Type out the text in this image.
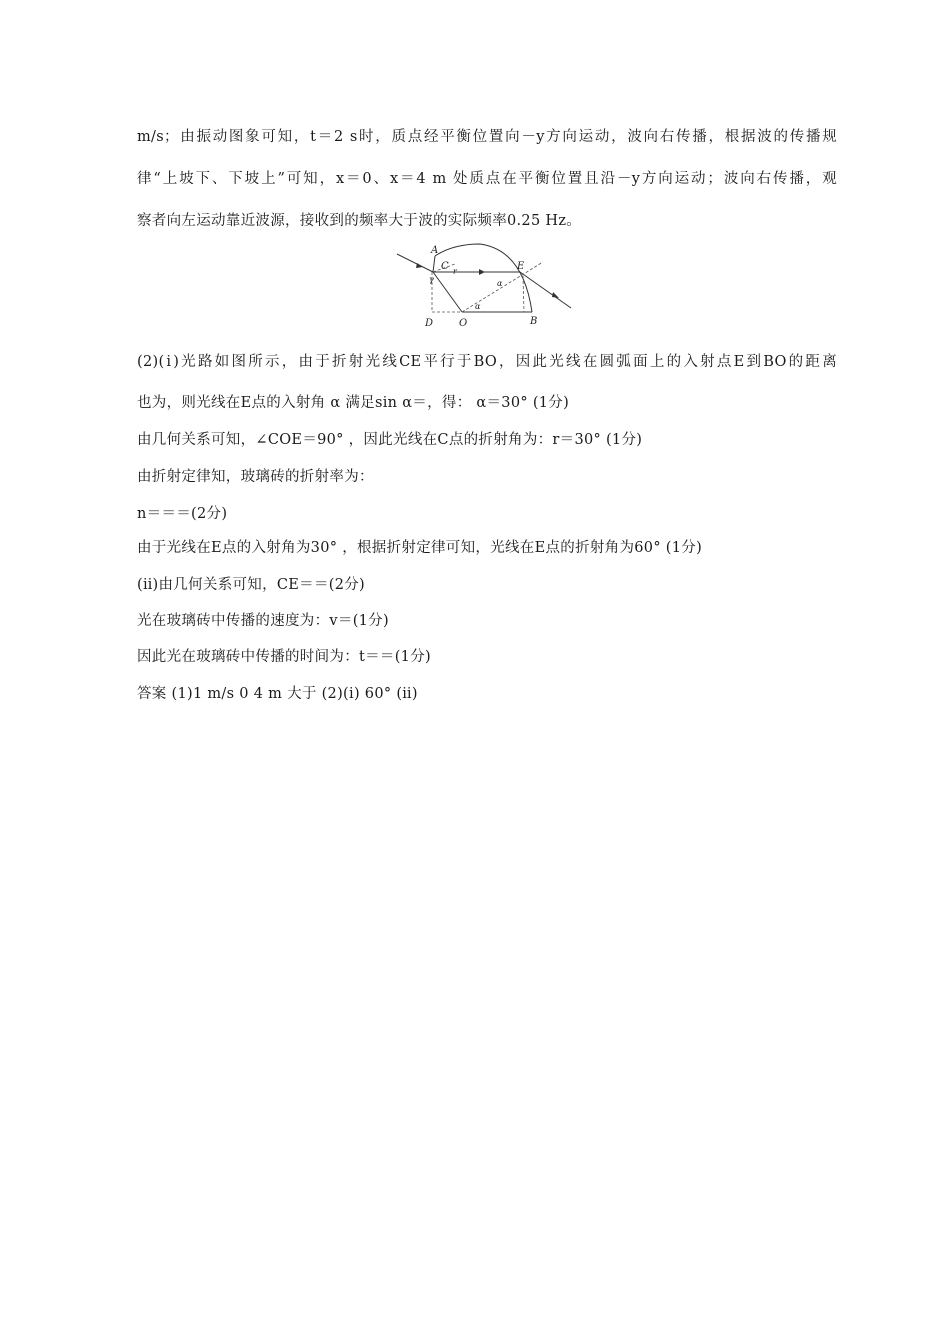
m/s；由振动图象可知，t＝2 s时，质点经平衡位置向－y方向运动，波向右传播，根据波的传播规
律“上坡下、下坡上”可知，x＝0、x＝4 m 处质点在平衡位置且沿－y方向运动；波向右传播，观
察者向左运动靠近波源，接收到的频率大于波的实际频率0.25 Hz。
A
C	E
D	O	B
α
α
γ
r
(2)(ⅰ)光路如图所示，由于折射光线CE平行于BO，因此光线在圆弧面上的入射点E到BO的距离
也为，则光线在E点的入射角 α 满足sin α＝，得： α＝30° (1分)
由几何关系可知，∠COE＝90° ，因此光线在C点的折射角为：r＝30° (1分)
由折射定律知，玻璃砖的折射率为：
n＝＝＝(2分)
由于光线在E点的入射角为30° ，根据折射定律可知，光线在E点的折射角为60° (1分)
(ⅱ)由几何关系可知，CE＝＝(2分)
光在玻璃砖中传播的速度为：v＝(1分)
因此光在玻璃砖中传播的时间为：t＝＝(1分)
答案 (1)1 m/s 0 4 m 大于 (2)(ⅰ) 60° (ⅱ)
